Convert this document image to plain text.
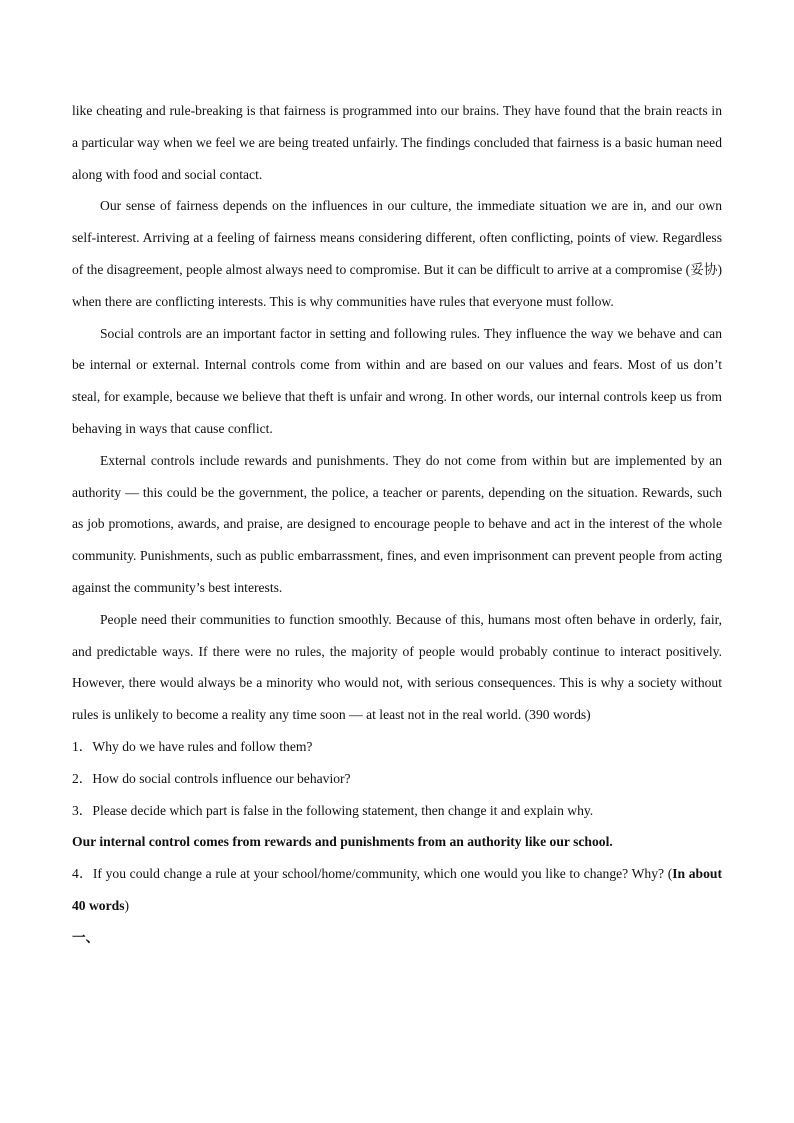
like cheating and rule-breaking is that fairness is programmed into our brains. They have found that the brain reacts in a particular way when we feel we are being treated unfairly. The findings concluded that fairness is a basic human need along with food and social contact.

Our sense of fairness depends on the influences in our culture, the immediate situation we are in, and our own self-interest. Arriving at a feeling of fairness means considering different, often conflicting, points of view. Regardless of the disagreement, people almost always need to compromise. But it can be difficult to arrive at a compromise (妥协) when there are conflicting interests. This is why communities have rules that everyone must follow.

Social controls are an important factor in setting and following rules. They influence the way we behave and can be internal or external. Internal controls come from within and are based on our values and fears. Most of us don’t steal, for example, because we believe that theft is unfair and wrong. In other words, our internal controls keep us from behaving in ways that cause conflict.

External controls include rewards and punishments. They do not come from within but are implemented by an authority — this could be the government, the police, a teacher or parents, depending on the situation. Rewards, such as job promotions, awards, and praise, are designed to encourage people to behave and act in the interest of the whole community. Punishments, such as public embarrassment, fines, and even imprisonment can prevent people from acting against the community’s best interests.

People need their communities to function smoothly. Because of this, humans most often behave in orderly, fair, and predictable ways. If there were no rules, the majority of people would probably continue to interact positively. However, there would always be a minority who would not, with serious consequences. This is why a society without rules is unlikely to become a reality any time soon — at least not in the real world. (390 words)

1．Why do we have rules and follow them?

2．How do social controls influence our behavior?

3．Please decide which part is false in the following statement, then change it and explain why.

Our internal control comes from rewards and punishments from an authority like our school.

4．If you could change a rule at your school/home/community, which one would you like to change? Why? (In about 40 words)

一、
